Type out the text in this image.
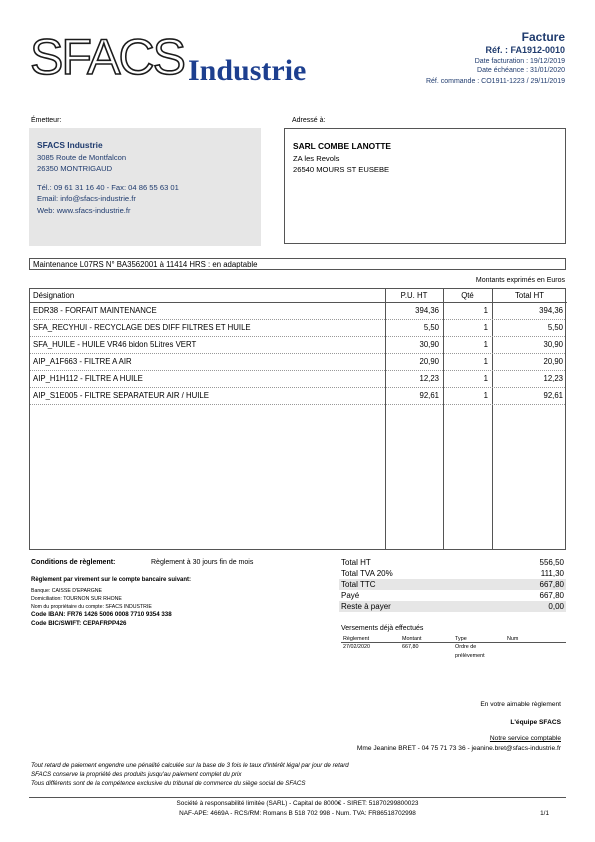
SFACS Industrie
Facture
Réf. : FA1912-0010
Date facturation : 19/12/2019
Date échéance : 31/01/2020
Réf. commande : CO1911-1223 / 29/11/2019
Émetteur:
SFACS Industrie
3085 Route de Montfalcon
26350 MONTRIGAUD
Tél.: 09 61 31 16 40 - Fax: 04 86 55 63 01
Email: info@sfacs-industrie.fr
Web: www.sfacs-industrie.fr
Adressé à:
SARL COMBE LANOTTE
ZA les Revols
26540 MOURS ST EUSEBE
Maintenance L07RS N° BA3562001 à 11414 HRS : en adaptable
Montants exprimés en Euros
Désignation	P.U. HT	Qté	Total HT
EDR38 - FORFAIT MAINTENANCE	394,36	1	394,36
SFA_RECYHUI - RECYCLAGE DES DIFF FILTRES ET HUILE	5,50	1	5,50
SFA_HUILE - HUILE VR46 bidon 5Litres VERT	30,90	1	30,90
AIP_A1F663 - FILTRE A AIR	20,90	1	20,90
AIP_H1H112 - FILTRE A HUILE	12,23	1	12,23
AIP_S1E005 - FILTRE SEPARATEUR AIR / HUILE	92,61	1	92,61
Conditions de règlement:	Règlement à 30 jours fin de mois
Règlement par virement sur le compte bancaire suivant:
Banque: CAISSE D'EPARGNE
Domiciliation: TOURNON SUR RHONE
Nom du propriétaire du compte: SFACS INDUSTRIE
Code IBAN: FR76 1426 5006 0008 7710 9354 338
Code BIC/SWIFT: CEPAFRPP426
Total HT	556,50
Total TVA 20%	111,30
Total TTC	667,80
Payé	667,80
Reste à payer	0,00
Versements déjà effectués
Règlement	Montant	Type	Num
27/02/2020	667,80	Ordre de prélèvement
En votre aimable règlement
L'équipe SFACS
Notre service comptable
Mme Jeanine BRET - 04 75 71 73 36 - jeanine.bret@sfacs-industrie.fr
Tout retard de paiement engendre une pénalité calculée sur la base de 3 fois le taux d'intérêt légal par jour de retard
SFACS conserve la propriété des produits jusqu'au paiement complet du prix
Tous différents sont de la compétence exclusive du tribunal de commerce du siège social de SFACS
Société à responsabilité limitée (SARL) - Capital de 8000€ - SIRET: 51870299800023
NAF-APE: 4669A - RCS/RM: Romans B 518 702 998 - Num. TVA: FR86518702998	1/1
